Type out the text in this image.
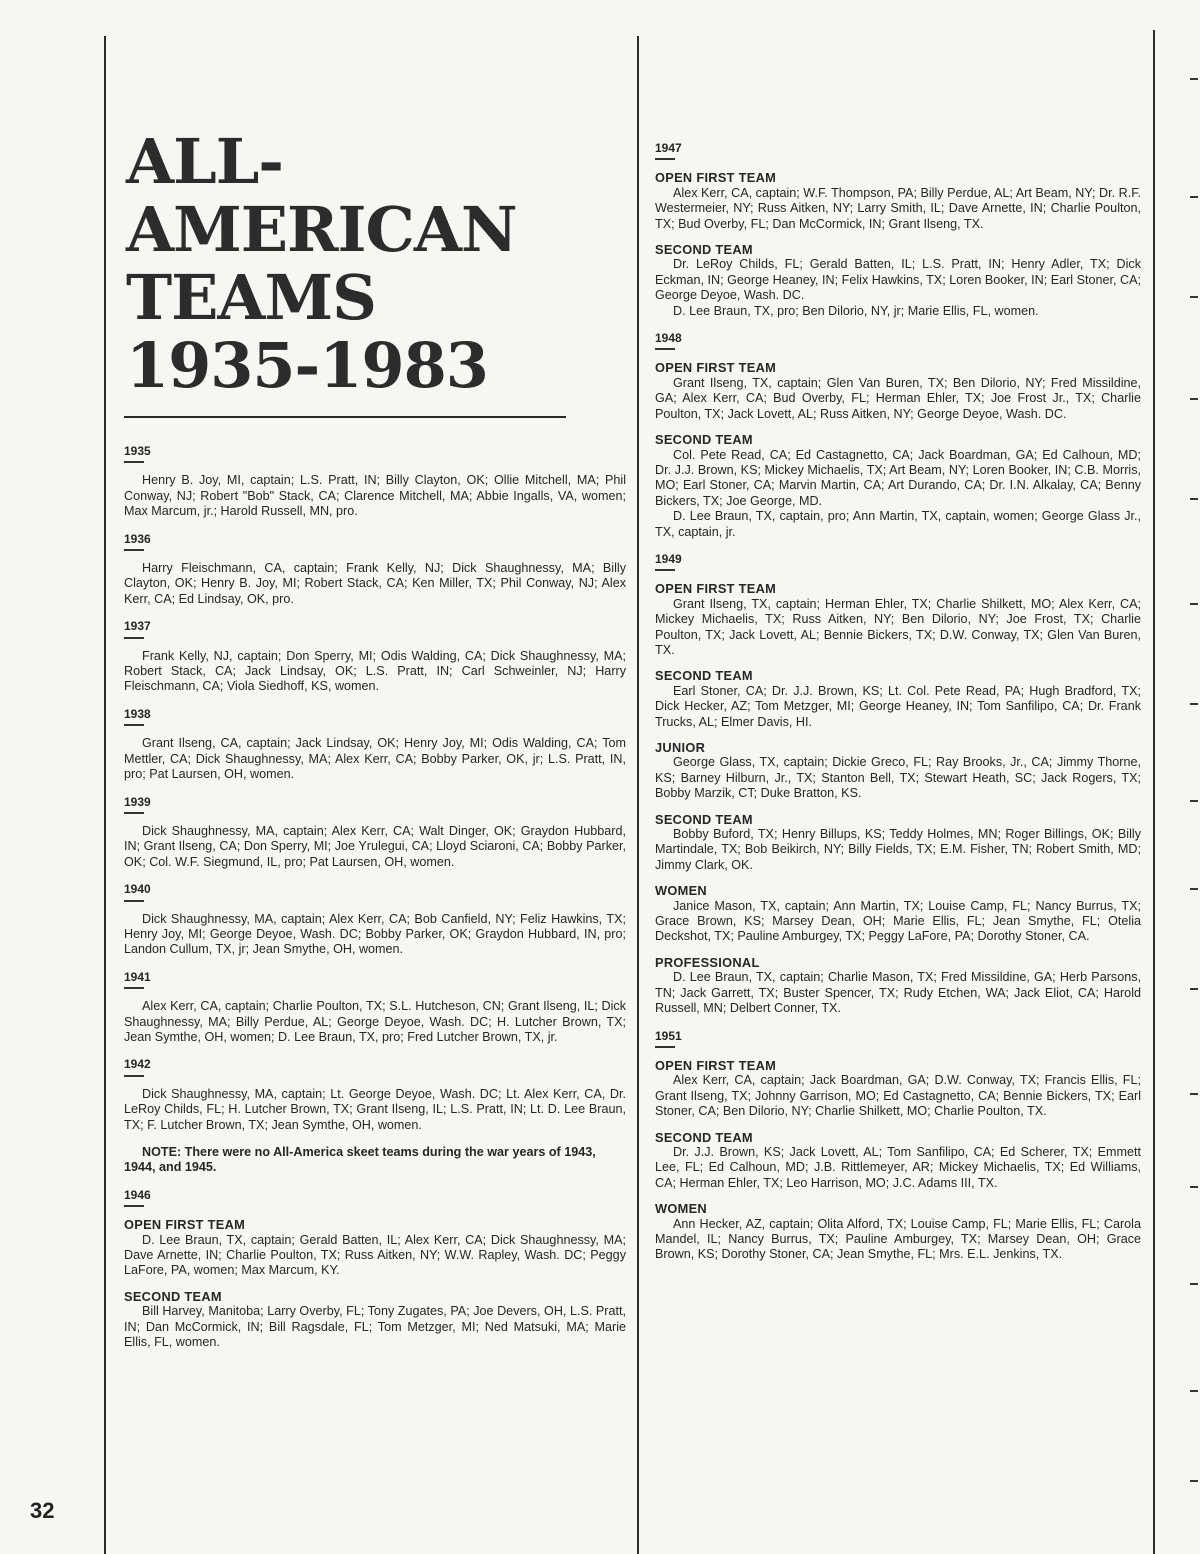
ALL-
AMERICAN
TEAMS
1935-1983
1935

Henry B. Joy, MI, captain; L.S. Pratt, IN; Billy Clayton, OK; Ollie Mitchell, MA; Phil Conway, NJ; Robert "Bob" Stack, CA; Clarence Mitchell, MA; Abbie Ingalls, VA, women; Max Marcum, jr.; Harold Russell, MN, pro.

1936

Harry Fleischmann, CA, captain; Frank Kelly, NJ; Dick Shaughnessy, MA; Billy Clayton, OK; Henry B. Joy, MI; Robert Stack, CA; Ken Miller, TX; Phil Conway, NJ; Alex Kerr, CA; Ed Lindsay, OK, pro.

1937

Frank Kelly, NJ, captain; Don Sperry, MI; Odis Walding, CA; Dick Shaughnessy, MA; Robert Stack, CA; Jack Lindsay, OK; L.S. Pratt, IN; Carl Schweinler, NJ; Harry Fleischmann, CA; Viola Siedhoff, KS, women.

1938

Grant Ilseng, CA, captain; Jack Lindsay, OK; Henry Joy, MI; Odis Walding, CA; Tom Mettler, CA; Dick Shaughnessy, MA; Alex Kerr, CA; Bobby Parker, OK, jr; L.S. Pratt, IN, pro; Pat Laursen, OH, women.

1939

Dick Shaughnessy, MA, captain; Alex Kerr, CA; Walt Dinger, OK; Graydon Hubbard, IN; Grant Ilseng, CA; Don Sperry, MI; Joe Yrulegui, CA; Lloyd Sciaroni, CA; Bobby Parker, OK; Col. W.F. Siegmund, IL, pro; Pat Laursen, OH, women.

1940

Dick Shaughnessy, MA, captain; Alex Kerr, CA; Bob Canfield, NY; Feliz Hawkins, TX; Henry Joy, MI; George Deyoe, Wash. DC; Bobby Parker, OK; Graydon Hubbard, IN, pro; Landon Cullum, TX, jr; Jean Smythe, OH, women.

1941

Alex Kerr, CA, captain; Charlie Poulton, TX; S.L. Hutcheson, CN; Grant Ilseng, IL; Dick Shaughnessy, MA; Billy Perdue, AL; George Deyoe, Wash. DC; H. Lutcher Brown, TX; Jean Symthe, OH, women; D. Lee Braun, TX, pro; Fred Lutcher Brown, TX, jr.

1942

Dick Shaughnessy, MA, captain; Lt. George Deyoe, Wash. DC; Lt. Alex Kerr, CA, Dr. LeRoy Childs, FL; H. Lutcher Brown, TX; Grant Ilseng, IL; L.S. Pratt, IN; Lt. D. Lee Braun, TX; F. Lutcher Brown, TX; Jean Symthe, OH, women.

NOTE: There were no All-America skeet teams during the war years of 1943, 1944, and 1945.

1946
OPEN FIRST TEAM

D. Lee Braun, TX, captain; Gerald Batten, IL; Alex Kerr, CA; Dick Shaughnessy, MA; Dave Arnette, IN; Charlie Poulton, TX; Russ Aitken, NY; W.W. Rapley, Wash. DC; Peggy LaFore, PA, women; Max Marcum, KY.

SECOND TEAM

Bill Harvey, Manitoba; Larry Overby, FL; Tony Zugates, PA; Joe Devers, OH, L.S. Pratt, IN; Dan McCormick, IN; Bill Ragsdale, FL; Tom Metzger, MI; Ned Matsuki, MA; Marie Ellis, FL, women.

1947
OPEN FIRST TEAM

Alex Kerr, CA, captain; W.F. Thompson, PA; Billy Perdue, AL; Art Beam, NY; Dr. R.F. Westermeier, NY; Russ Aitken, NY; Larry Smith, IL; Dave Arnette, IN; Charlie Poulton, TX; Bud Overby, FL; Dan McCormick, IN; Grant Ilseng, TX.

SECOND TEAM

Dr. LeRoy Childs, FL; Gerald Batten, IL; L.S. Pratt, IN; Henry Adler, TX; Dick Eckman, IN; George Heaney, IN; Felix Hawkins, TX; Loren Booker, IN; Earl Stoner, CA; George Deyoe, Wash. DC.

D. Lee Braun, TX, pro; Ben Dilorio, NY, jr; Marie Ellis, FL, women.

1948
OPEN FIRST TEAM

Grant Ilseng, TX, captain; Glen Van Buren, TX; Ben Dilorio, NY; Fred Missildine, GA; Alex Kerr, CA; Bud Overby, FL; Herman Ehler, TX; Joe Frost Jr., TX; Charlie Poulton, TX; Jack Lovett, AL; Russ Aitken, NY; George Deyoe, Wash. DC.

SECOND TEAM

Col. Pete Read, CA; Ed Castagnetto, CA; Jack Boardman, GA; Ed Calhoun, MD; Dr. J.J. Brown, KS; Mickey Michaelis, TX; Art Beam, NY; Loren Booker, IN; C.B. Morris, MO; Earl Stoner, CA; Marvin Martin, CA; Art Durando, CA; Dr. I.N. Alkalay, CA; Benny Bickers, TX; Joe George, MD.

D. Lee Braun, TX, captain, pro; Ann Martin, TX, captain, women; George Glass Jr., TX, captain, jr.

1949
OPEN FIRST TEAM

Grant Ilseng, TX, captain; Herman Ehler, TX; Charlie Shilkett, MO; Alex Kerr, CA; Mickey Michaelis, TX; Russ Aitken, NY; Ben Dilorio, NY; Joe Frost, TX; Charlie Poulton, TX; Jack Lovett, AL; Bennie Bickers, TX; D.W. Conway, TX; Glen Van Buren, TX.

SECOND TEAM

Earl Stoner, CA; Dr. J.J. Brown, KS; Lt. Col. Pete Read, PA; Hugh Bradford, TX; Dick Hecker, AZ; Tom Metzger, MI; George Heaney, IN; Tom Sanfilipo, CA; Dr. Frank Trucks, AL; Elmer Davis, HI.

JUNIOR

George Glass, TX, captain; Dickie Greco, FL; Ray Brooks, Jr., CA; Jimmy Thorne, KS; Barney Hilburn, Jr., TX; Stanton Bell, TX; Stewart Heath, SC; Jack Rogers, TX; Bobby Marzik, CT; Duke Bratton, KS.

SECOND TEAM

Bobby Buford, TX; Henry Billups, KS; Teddy Holmes, MN; Roger Billings, OK; Billy Martindale, TX; Bob Beikirch, NY; Billy Fields, TX; E.M. Fisher, TN; Robert Smith, MD; Jimmy Clark, OK.

WOMEN

Janice Mason, TX, captain; Ann Martin, TX; Louise Camp, FL; Nancy Burrus, TX; Grace Brown, KS; Marsey Dean, OH; Marie Ellis, FL; Jean Smythe, FL; Otelia Deckshot, TX; Pauline Amburgey, TX; Peggy LaFore, PA; Dorothy Stoner, CA.

PROFESSIONAL

D. Lee Braun, TX, captain; Charlie Mason, TX; Fred Missildine, GA; Herb Parsons, TN; Jack Garrett, TX; Buster Spencer, TX; Rudy Etchen, WA; Jack Eliot, CA; Harold Russell, MN; Delbert Conner, TX.

1951
OPEN FIRST TEAM

Alex Kerr, CA, captain; Jack Boardman, GA; D.W. Conway, TX; Francis Ellis, FL; Grant Ilseng, TX; Johnny Garrison, MO; Ed Castagnetto, CA; Bennie Bickers, TX; Earl Stoner, CA; Ben Dilorio, NY; Charlie Shilkett, MO; Charlie Poulton, TX.

SECOND TEAM

Dr. J.J. Brown, KS; Jack Lovett, AL; Tom Sanfilipo, CA; Ed Scherer, TX; Emmett Lee, FL; Ed Calhoun, MD; J.B. Rittlemeyer, AR; Mickey Michaelis, TX; Ed Williams, CA; Herman Ehler, TX; Leo Harrison, MO; J.C. Adams III, TX.

WOMEN

Ann Hecker, AZ, captain; Olita Alford, TX; Louise Camp, FL; Marie Ellis, FL; Carola Mandel, IL; Nancy Burrus, TX; Pauline Amburgey, TX; Marsey Dean, OH; Grace Brown, KS; Dorothy Stoner, CA; Jean Smythe, FL; Mrs. E.L. Jenkins, TX.

32
